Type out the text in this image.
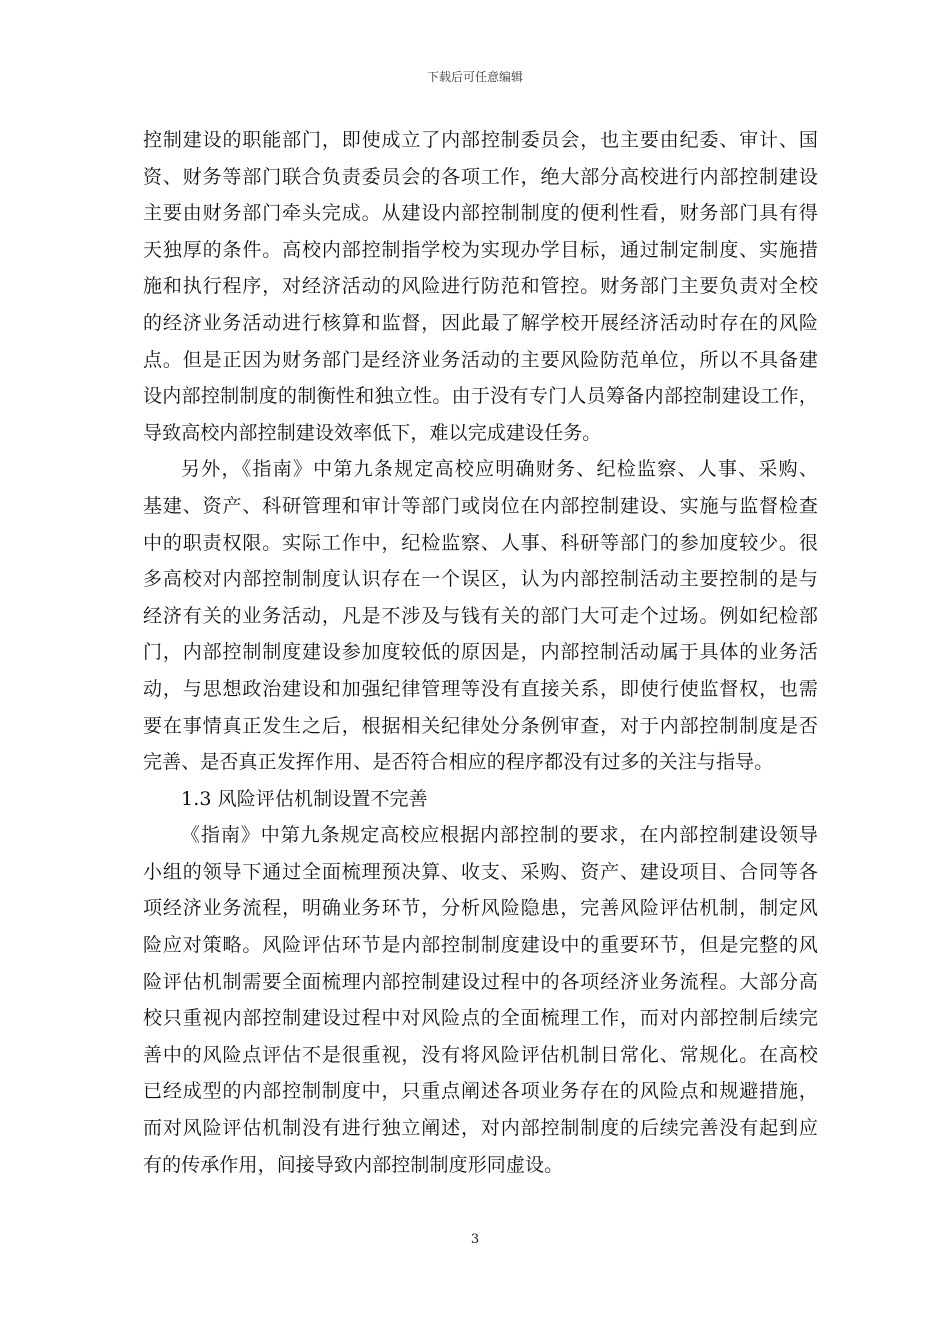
下载后可任意编辑
控制建设的职能部门，即使成立了内部控制委员会，也主要由纪委、审计、国
资、财务等部门联合负责委员会的各项工作，绝大部分高校进行内部控制建设
主要由财务部门牵头完成。从建设内部控制制度的便利性看，财务部门具有得
天独厚的条件。高校内部控制指学校为实现办学目标，通过制定制度、实施措
施和执行程序，对经济活动的风险进行防范和管控。财务部门主要负责对全校
的经济业务活动进行核算和监督，因此最了解学校开展经济活动时存在的风险
点。但是正因为财务部门是经济业务活动的主要风险防范单位，所以不具备建
设内部控制制度的制衡性和独立性。由于没有专门人员筹备内部控制建设工作，
导致高校内部控制建设效率低下，难以完成建设任务。
另外，《指南》中第九条规定高校应明确财务、纪检监察、人事、采购、
基建、资产、科研管理和审计等部门或岗位在内部控制建设、实施与监督检查
中的职责权限。实际工作中，纪检监察、人事、科研等部门的参加度较少。很
多高校对内部控制制度认识存在一个误区，认为内部控制活动主要控制的是与
经济有关的业务活动，凡是不涉及与钱有关的部门大可走个过场。例如纪检部
门，内部控制制度建设参加度较低的原因是，内部控制活动属于具体的业务活
动，与思想政治建设和加强纪律管理等没有直接关系，即使行使监督权，也需
要在事情真正发生之后，根据相关纪律处分条例审查，对于内部控制制度是否
完善、是否真正发挥作用、是否符合相应的程序都没有过多的关注与指导。
1.3 风险评估机制设置不完善
《指南》中第九条规定高校应根据内部控制的要求，在内部控制建设领导
小组的领导下通过全面梳理预决算、收支、采购、资产、建设项目、合同等各
项经济业务流程，明确业务环节，分析风险隐患，完善风险评估机制，制定风
险应对策略。风险评估环节是内部控制制度建设中的重要环节，但是完整的风
险评估机制需要全面梳理内部控制建设过程中的各项经济业务流程。大部分高
校只重视内部控制建设过程中对风险点的全面梳理工作，而对内部控制后续完
善中的风险点评估不是很重视，没有将风险评估机制日常化、常规化。在高校
已经成型的内部控制制度中，只重点阐述各项业务存在的风险点和规避措施，
而对风险评估机制没有进行独立阐述，对内部控制制度的后续完善没有起到应
有的传承作用，间接导致内部控制制度形同虚设。
3
